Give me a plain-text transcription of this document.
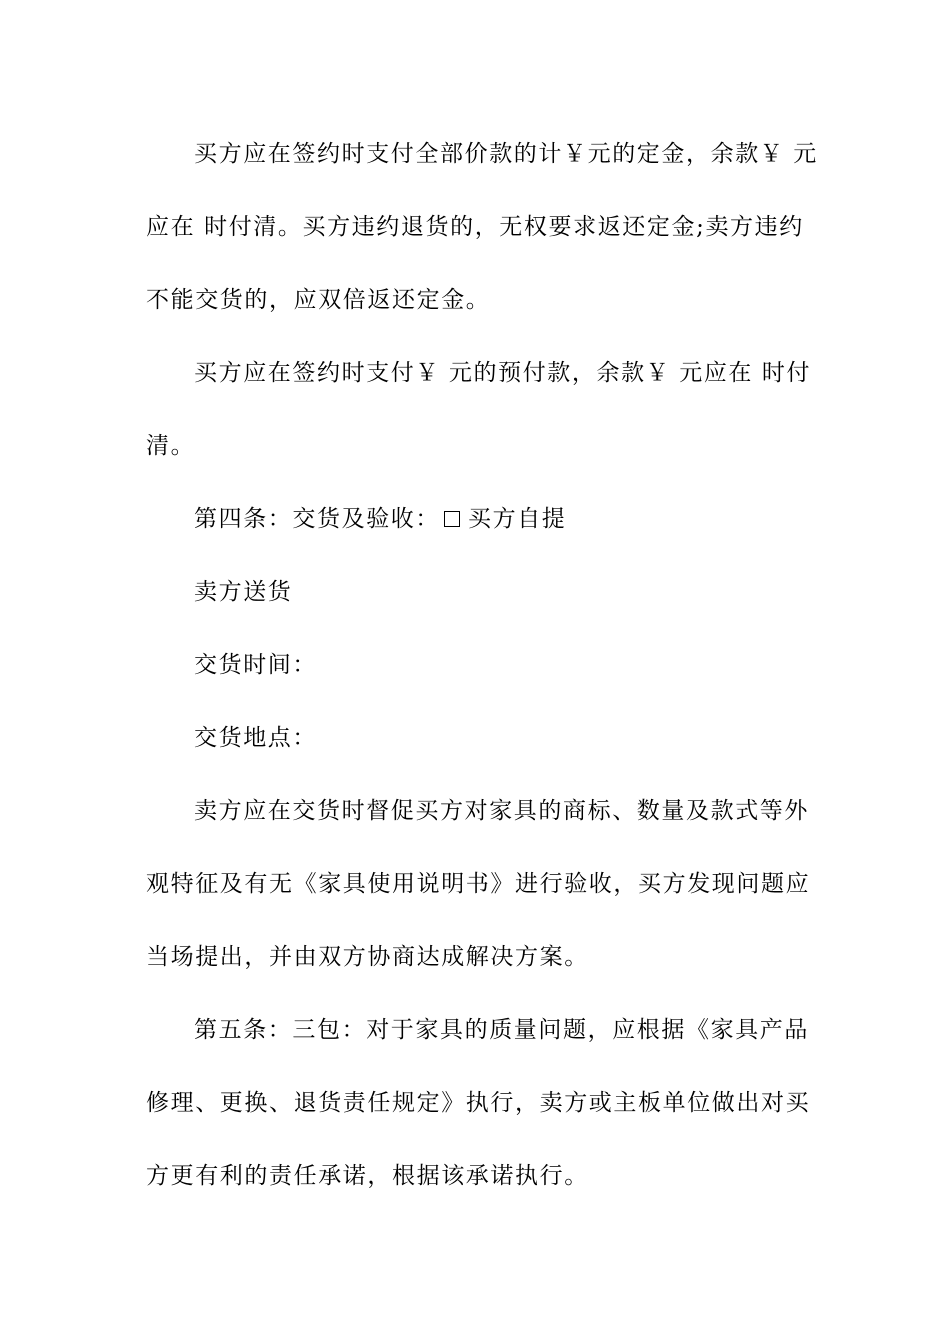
买方应在签约时支付全部价款的计￥元的定金，余款￥ 元
应在 时付清。买方违约退货的，无权要求返还定金;卖方违约
不能交货的，应双倍返还定金。
买方应在签约时支付￥ 元的预付款，余款￥ 元应在 时付
清。
第四条：交货及验收： 买方自提
卖方送货
交货时间：
交货地点：
卖方应在交货时督促买方对家具的商标、数量及款式等外
观特征及有无《家具使用说明书》进行验收，买方发现问题应
当场提出，并由双方协商达成解决方案。
第五条：三包：对于家具的质量问题，应根据《家具产品
修理、更换、退货责任规定》执行，卖方或主板单位做出对买
方更有利的责任承诺，根据该承诺执行。
